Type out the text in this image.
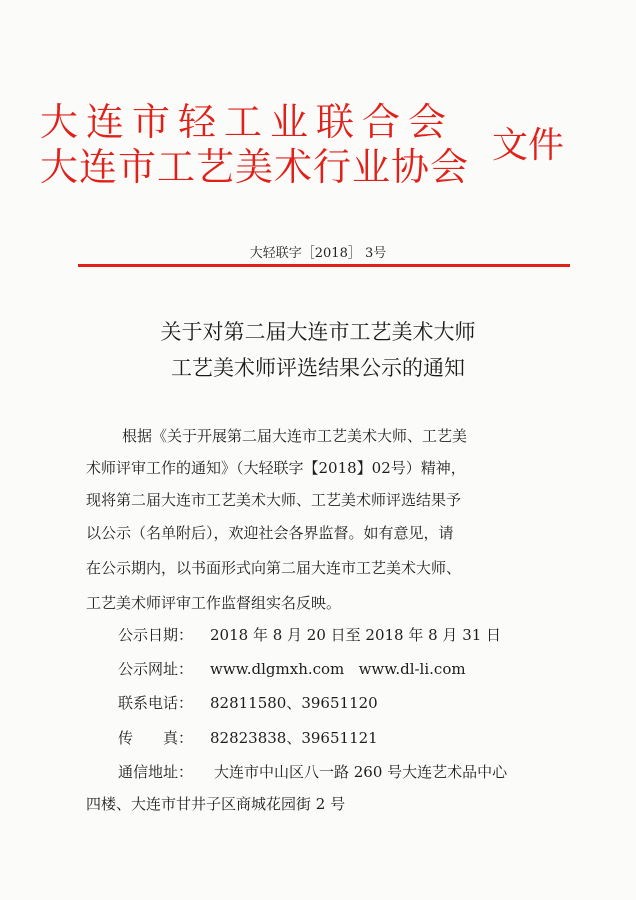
大连市轻工业联合会
大连市工艺美术行业协会 文件
大轻联字［2018］ 3号
关于对第二届大连市工艺美术大师
工艺美术师评选结果公示的通知
根据《关于开展第二届大连市工艺美术大师、工艺美
术师评审工作的通知》（大轻联字【2018】02号）精神，
现将第二届大连市工艺美术大师、工艺美术师评选结果予
以公示（名单附后），欢迎社会各界监督。如有意见，请
在公示期内，以书面形式向第二届大连市工艺美术大师、
工艺美术师评审工作监督组实名反映。
公示日期： 2018 年 8 月 20 日至 2018 年 8 月 31 日
公示网址： www.dlgmxh.com   www.dl-li.com
联系电话： 82811580、39651120
传　　真： 82823838、39651121
通信地址： 大连市中山区八一路 260 号大连艺术品中心
四楼、大连市甘井子区商城花园街 2 号
